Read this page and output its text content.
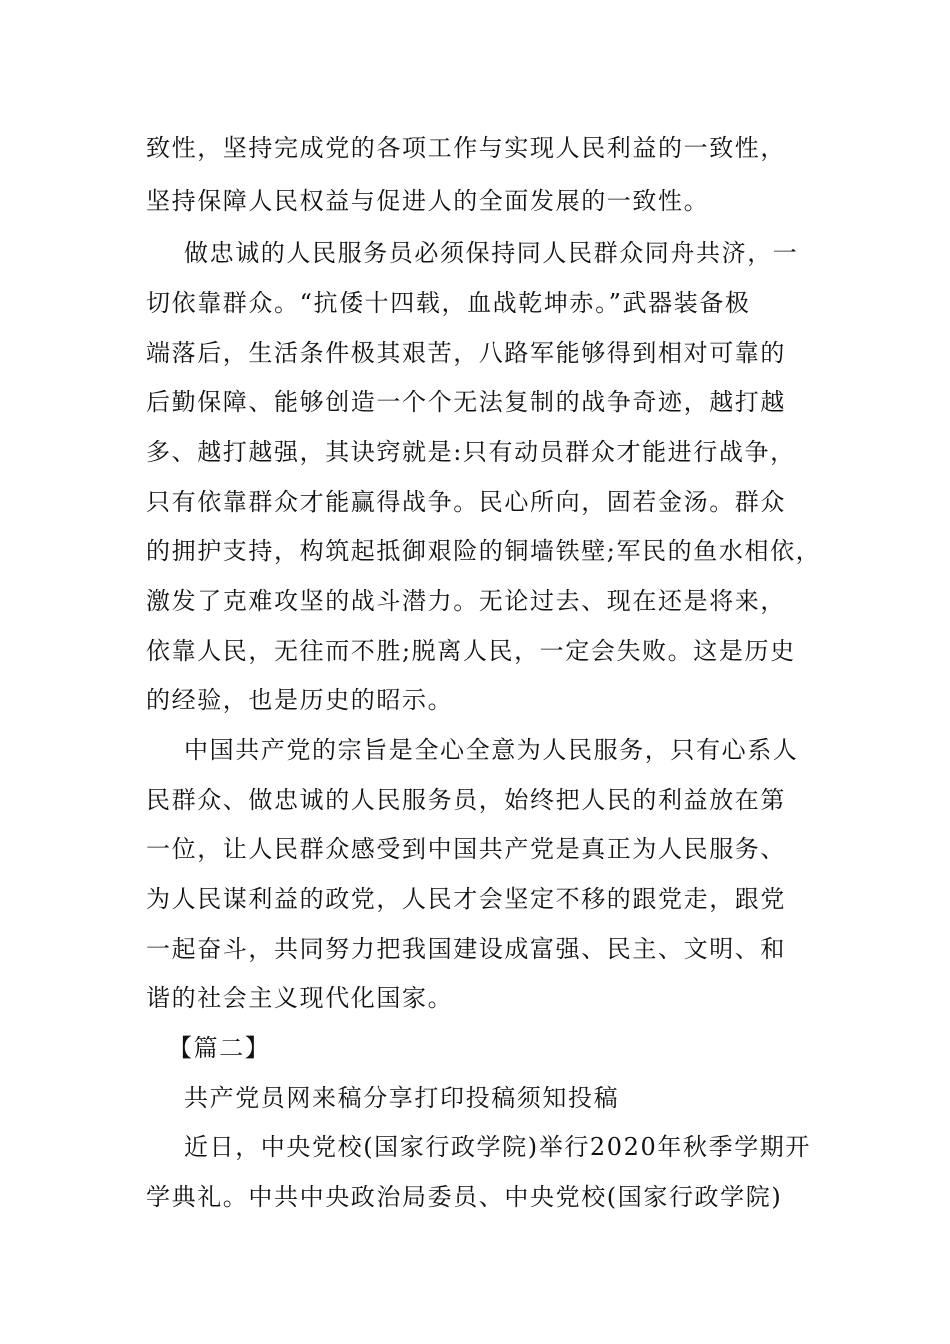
致性，坚持完成党的各项工作与实现人民利益的一致性，
坚持保障人民权益与促进人的全面发展的一致性。
做忠诚的人民服务员必须保持同人民群众同舟共济，一
切依靠群众。“抗倭十四载，血战乾坤赤。”武器装备极
端落后，生活条件极其艰苦，八路军能够得到相对可靠的
后勤保障、能够创造一个个无法复制的战争奇迹，越打越
多、越打越强，其诀窍就是:只有动员群众才能进行战争，
只有依靠群众才能赢得战争。民心所向，固若金汤。群众
的拥护支持，构筑起抵御艰险的铜墙铁壁;军民的鱼水相依，
激发了克难攻坚的战斗潜力。无论过去、现在还是将来，
依靠人民，无往而不胜;脱离人民，一定会失败。这是历史
的经验，也是历史的昭示。
中国共产党的宗旨是全心全意为人民服务，只有心系人
民群众、做忠诚的人民服务员，始终把人民的利益放在第
一位，让人民群众感受到中国共产党是真正为人民服务、
为人民谋利益的政党，人民才会坚定不移的跟党走，跟党
一起奋斗，共同努力把我国建设成富强、民主、文明、和
谐的社会主义现代化国家。
【篇二】
共产党员网来稿分享打印投稿须知投稿
近日，中央党校(国家行政学院)举行2020年秋季学期开
学典礼。中共中央政治局委员、中央党校(国家行政学院)
